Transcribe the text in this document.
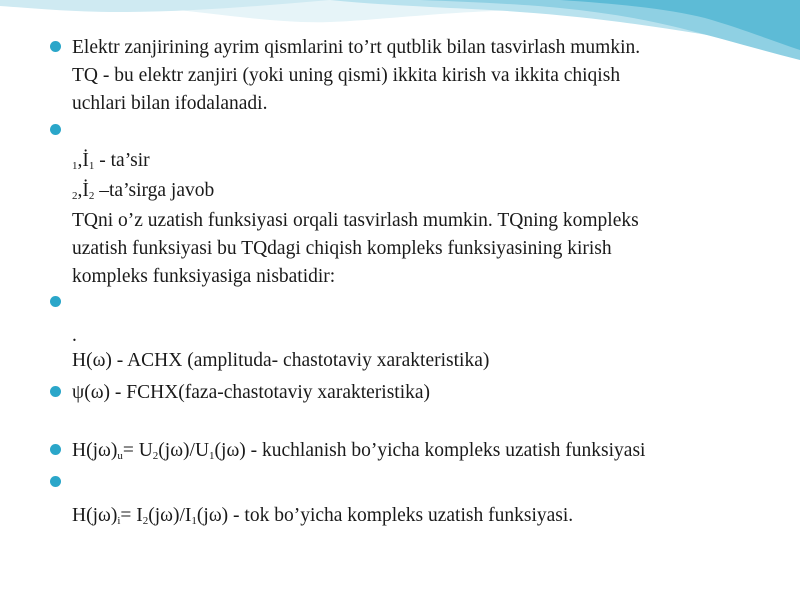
Elektr zanjirining ayrim qismlarini to’rt qutblik bilan tasvirlash mumkin.
TQ - bu elektr zanjiri (yoki uning qismi) ikkita kirish va ikkita chiqish
uchlari bilan ifodalanadi.
$_1,İ_1$ - ta’sir
$_2,İ_2$ –ta’sirga javob
TQni o’z uzatish funksiyasi orqali tasvirlash mumkin. TQning kompleks
uzatish funksiyasi bu TQdagi chiqish kompleks funksiyasining kirish
kompleks funksiyasiga nisbatidir:
.
H(ω) - ACHX (amplituda- chastotaviy xarakteristika)
ψ(ω) - FCHX(faza-chastotaviy xarakteristika)
$H(j\omega)_u= U_2(j\omega)/U_1(j\omega)$ - kuchlanish bo’yicha kompleks uzatish funksiyasi
$H(j\omega)_i= I_2(j\omega)/I_1(j\omega)$ - tok bo’yicha kompleks uzatish funksiyasi.
